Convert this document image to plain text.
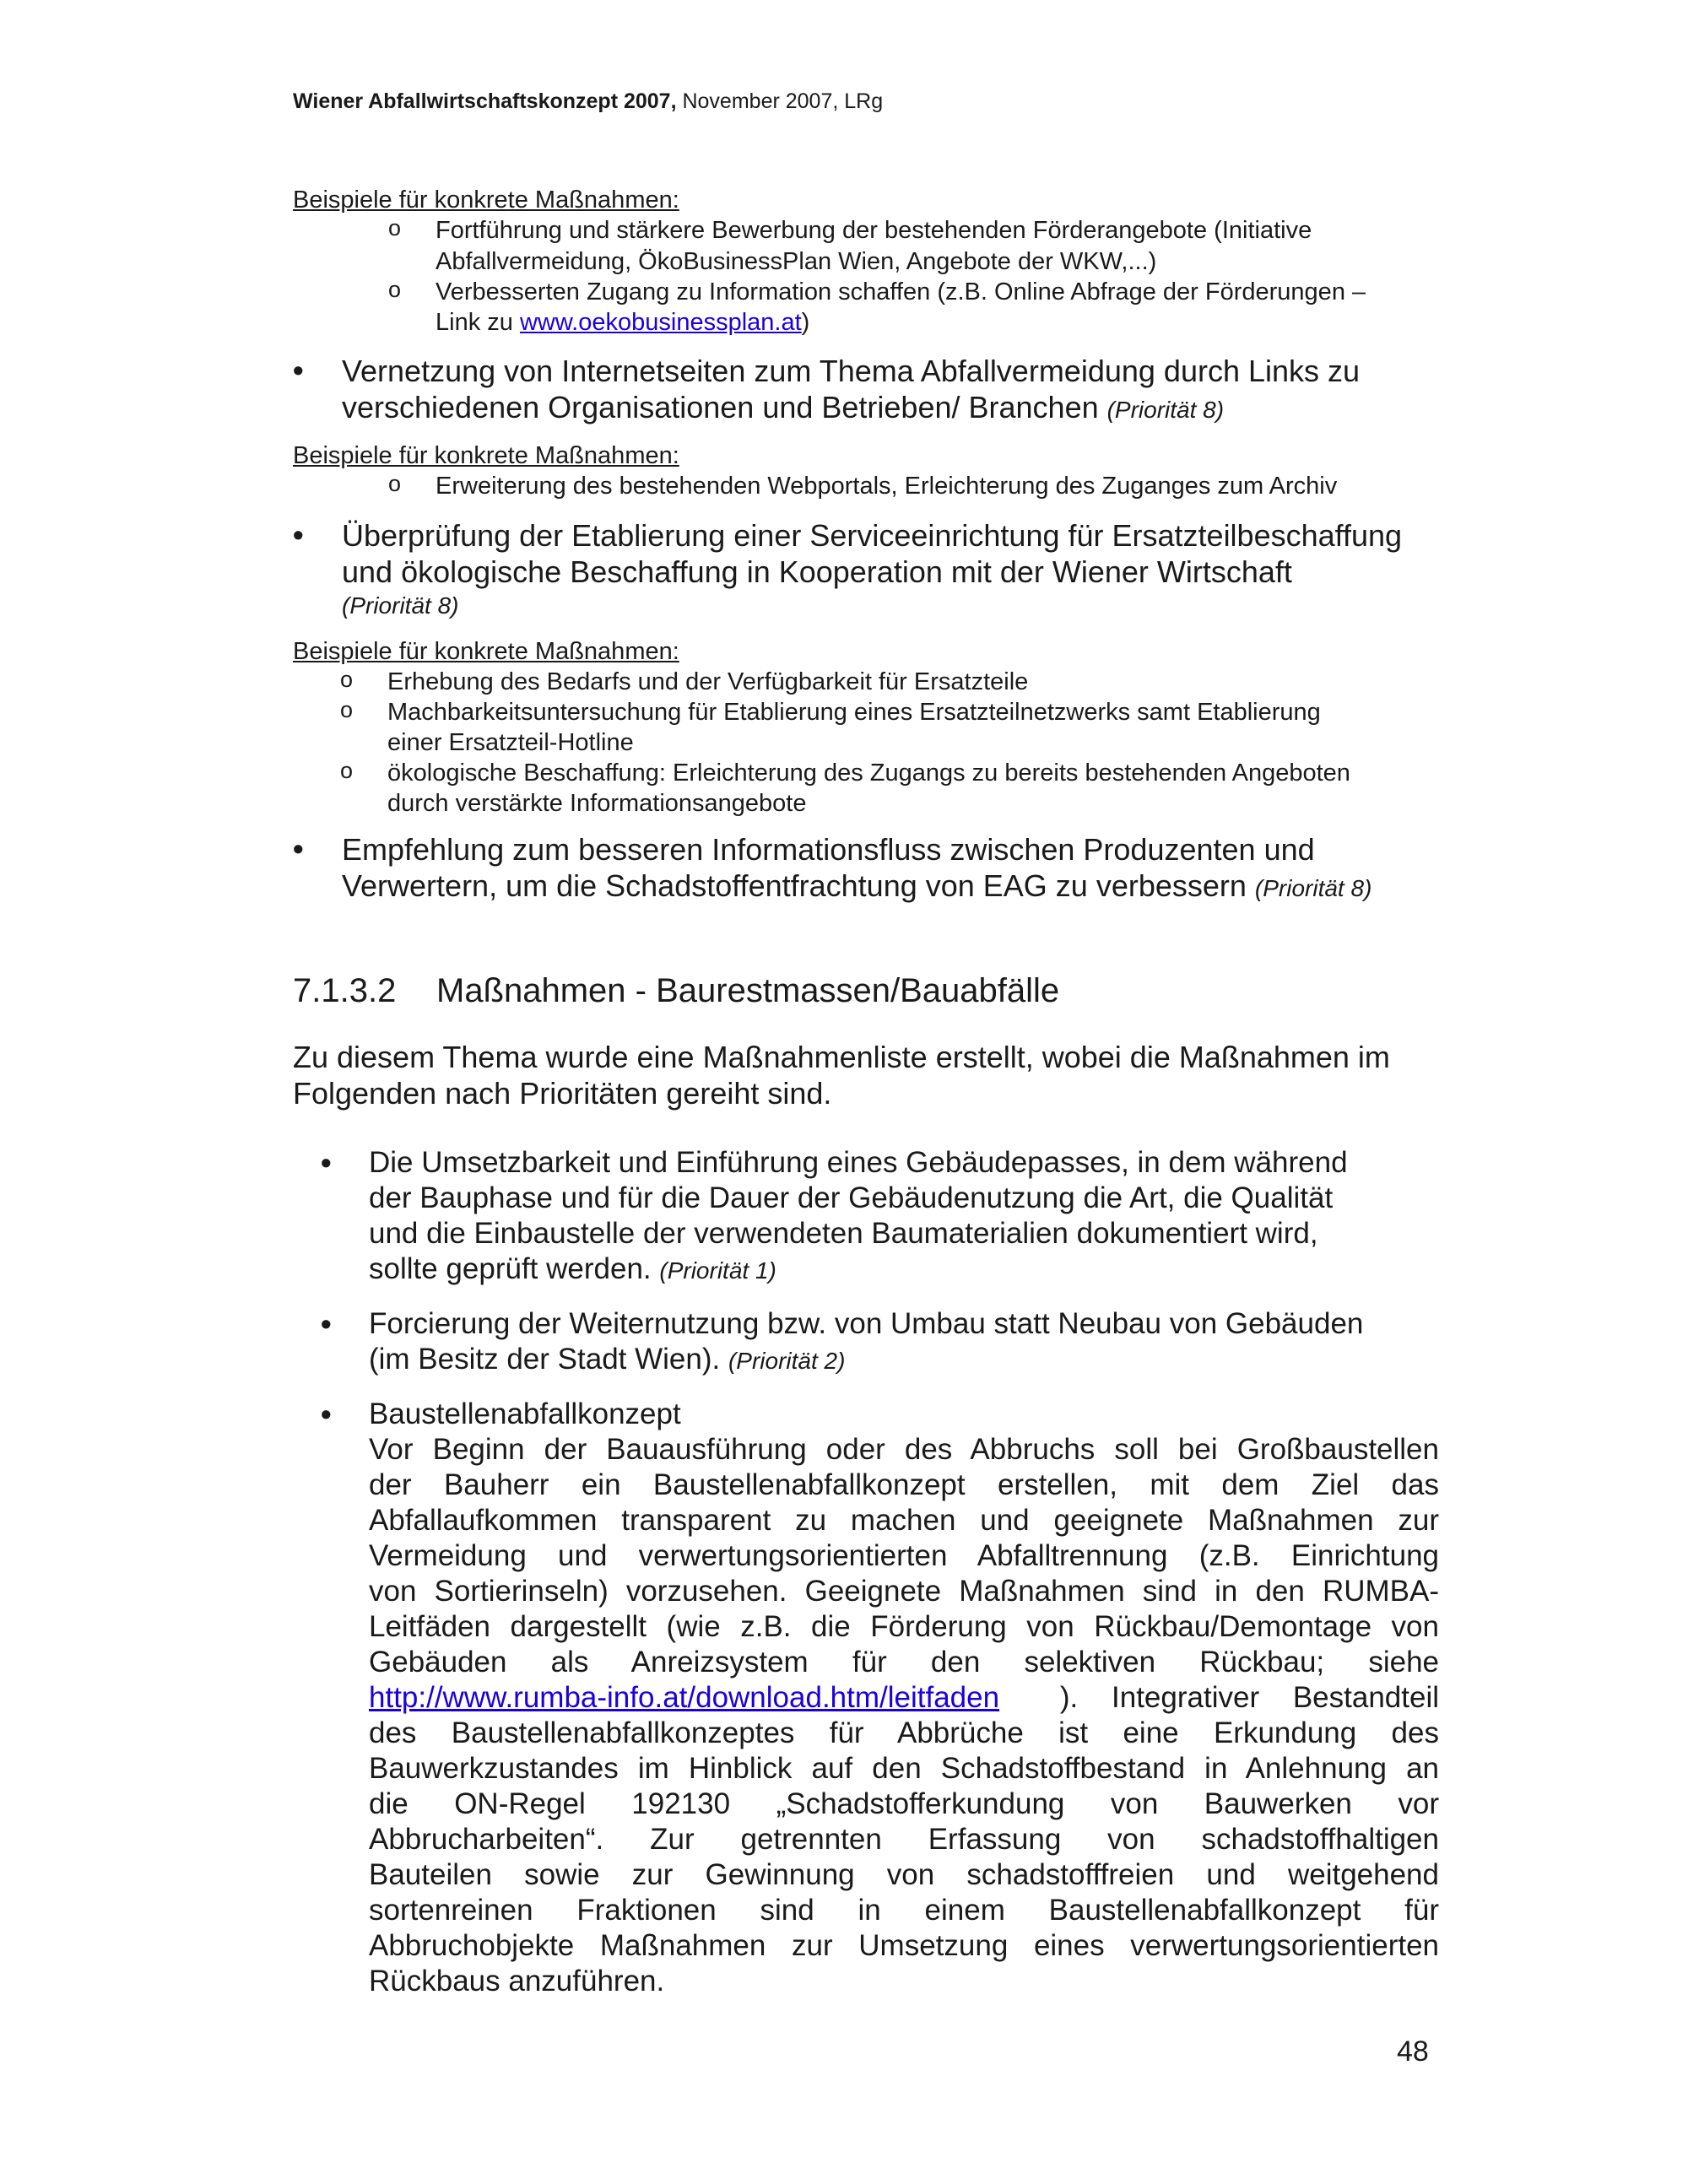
Wiener Abfallwirtschaftskonzept 2007, November 2007, LRg
Beispiele für konkrete Maßnahmen:
o Fortführung und stärkere Bewerbung der bestehenden Förderangebote (Initiative
Abfallvermeidung, ÖkoBusinessPlan Wien, Angebote der WKW,...)
o Verbesserten Zugang zu Information schaffen (z.B. Online Abfrage der Förderungen –
Link zu www.oekobusinessplan.at)
• Vernetzung von Internetseiten zum Thema Abfallvermeidung durch Links zu
verschiedenen Organisationen und Betrieben/ Branchen (Priorität 8)
Beispiele für konkrete Maßnahmen:
o Erweiterung des bestehenden Webportals, Erleichterung des Zuganges zum Archiv
• Überprüfung der Etablierung einer Serviceeinrichtung für Ersatzteilbeschaffung
und ökologische Beschaffung in Kooperation mit der Wiener Wirtschaft
(Priorität 8)
Beispiele für konkrete Maßnahmen:
o Erhebung des Bedarfs und der Verfügbarkeit für Ersatzteile
o Machbarkeitsuntersuchung für Etablierung eines Ersatzteilnetzwerks samt Etablierung
einer Ersatzteil-Hotline
o ökologische Beschaffung: Erleichterung des Zugangs zu bereits bestehenden Angeboten
durch verstärkte Informationsangebote
• Empfehlung zum besseren Informationsfluss zwischen Produzenten und
Verwertern, um die Schadstoffentfrachtung von EAG zu verbessern (Priorität 8)
7.1.3.2 Maßnahmen - Baurestmassen/Bauabfälle
Zu diesem Thema wurde eine Maßnahmenliste erstellt, wobei die Maßnahmen im
Folgenden nach Prioritäten gereiht sind.
• Die Umsetzbarkeit und Einführung eines Gebäudepasses, in dem während
der Bauphase und für die Dauer der Gebäudenutzung die Art, die Qualität
und die Einbaustelle der verwendeten Baumaterialien dokumentiert wird,
sollte geprüft werden. (Priorität 1)
• Forcierung der Weiternutzung bzw. von Umbau statt Neubau von Gebäuden
(im Besitz der Stadt Wien). (Priorität 2)
• Baustellenabfallkonzept
Vor Beginn der Bauausführung oder des Abbruchs soll bei Großbaustellen
der Bauherr ein Baustellenabfallkonzept erstellen, mit dem Ziel das
Abfallaufkommen transparent zu machen und geeignete Maßnahmen zur
Vermeidung und verwertungsorientierten Abfalltrennung (z.B. Einrichtung
von Sortierinseln) vorzusehen. Geeignete Maßnahmen sind in den RUMBA-
Leitfäden dargestellt (wie z.B. die Förderung von Rückbau/Demontage von
Gebäuden als Anreizsystem für den selektiven Rückbau; siehe
http://www.rumba-info.at/download.htm/leitfaden ). Integrativer Bestandteil
des Baustellenabfallkonzeptes für Abbrüche ist eine Erkundung des
Bauwerkzustandes im Hinblick auf den Schadstoffbestand in Anlehnung an
die ON-Regel 192130 „Schadstofferkundung von Bauwerken vor
Abbrucharbeiten“. Zur getrennten Erfassung von schadstoffhaltigen
Bauteilen sowie zur Gewinnung von schadstofffreien und weitgehend
sortenreinen Fraktionen sind in einem Baustellenabfallkonzept für
Abbruchobjekte Maßnahmen zur Umsetzung eines verwertungsorientierten
Rückbaus anzuführen.
48
